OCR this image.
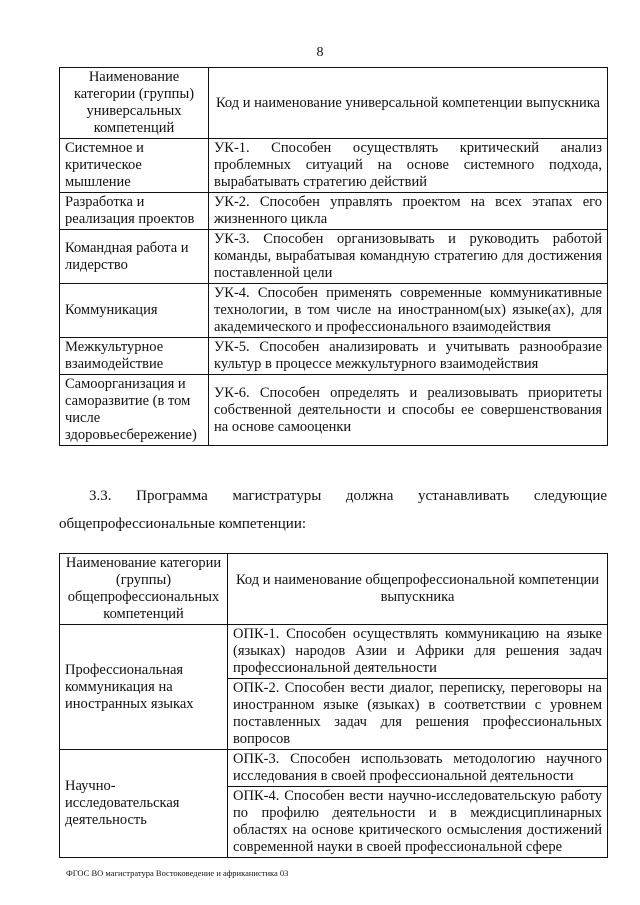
8
Наименование категории (группы) универсальных компетенций	Код и наименование универсальной компетенции выпускника
Системное и критическое мышление	УК-1. Способен осуществлять критический анализ проблемных ситуаций на основе системного подхода, вырабатывать стратегию действий
Разработка и реализация проектов	УК-2. Способен управлять проектом на всех этапах его жизненного цикла
Командная работа и лидерство	УК-3. Способен организовывать и руководить работой команды, вырабатывая командную стратегию для достижения поставленной цели
Коммуникация	УК-4. Способен применять современные коммуникативные технологии, в том числе на иностранном(ых) языке(ах), для академического и профессионального взаимодействия
Межкультурное взаимодействие	УК-5. Способен анализировать и учитывать разнообразие культур в процессе межкультурного взаимодействия
Самоорганизация и саморазвитие (в том числе здоровьесбережение)	УК-6. Способен определять и реализовывать приоритеты собственной деятельности и способы ее совершенствования на основе самооценки
3.3. Программа магистратуры должна устанавливать следующие
общепрофессиональные компетенции:
Наименование категории (группы) общепрофессиональных компетенций	Код и наименование общепрофессиональной компетенции выпускника
Профессиональная коммуникация на иностранных языках	ОПК-1. Способен осуществлять коммуникацию на языке (языках) народов Азии и Африки для решения задач профессиональной деятельности
	ОПК-2. Способен вести диалог, переписку, переговоры на иностранном языке (языках) в соответствии с уровнем поставленных задач для решения профессиональных вопросов
Научно-исследовательская деятельность	ОПК-3. Способен использовать методологию научного исследования в своей профессиональной деятельности
	ОПК-4. Способен вести научно-исследовательскую работу по профилю деятельности и в междисциплинарных областях на основе критического осмысления достижений современной науки в своей профессиональной сфере
ФГОС ВО магистратура Востоковедение и африканистика 03
